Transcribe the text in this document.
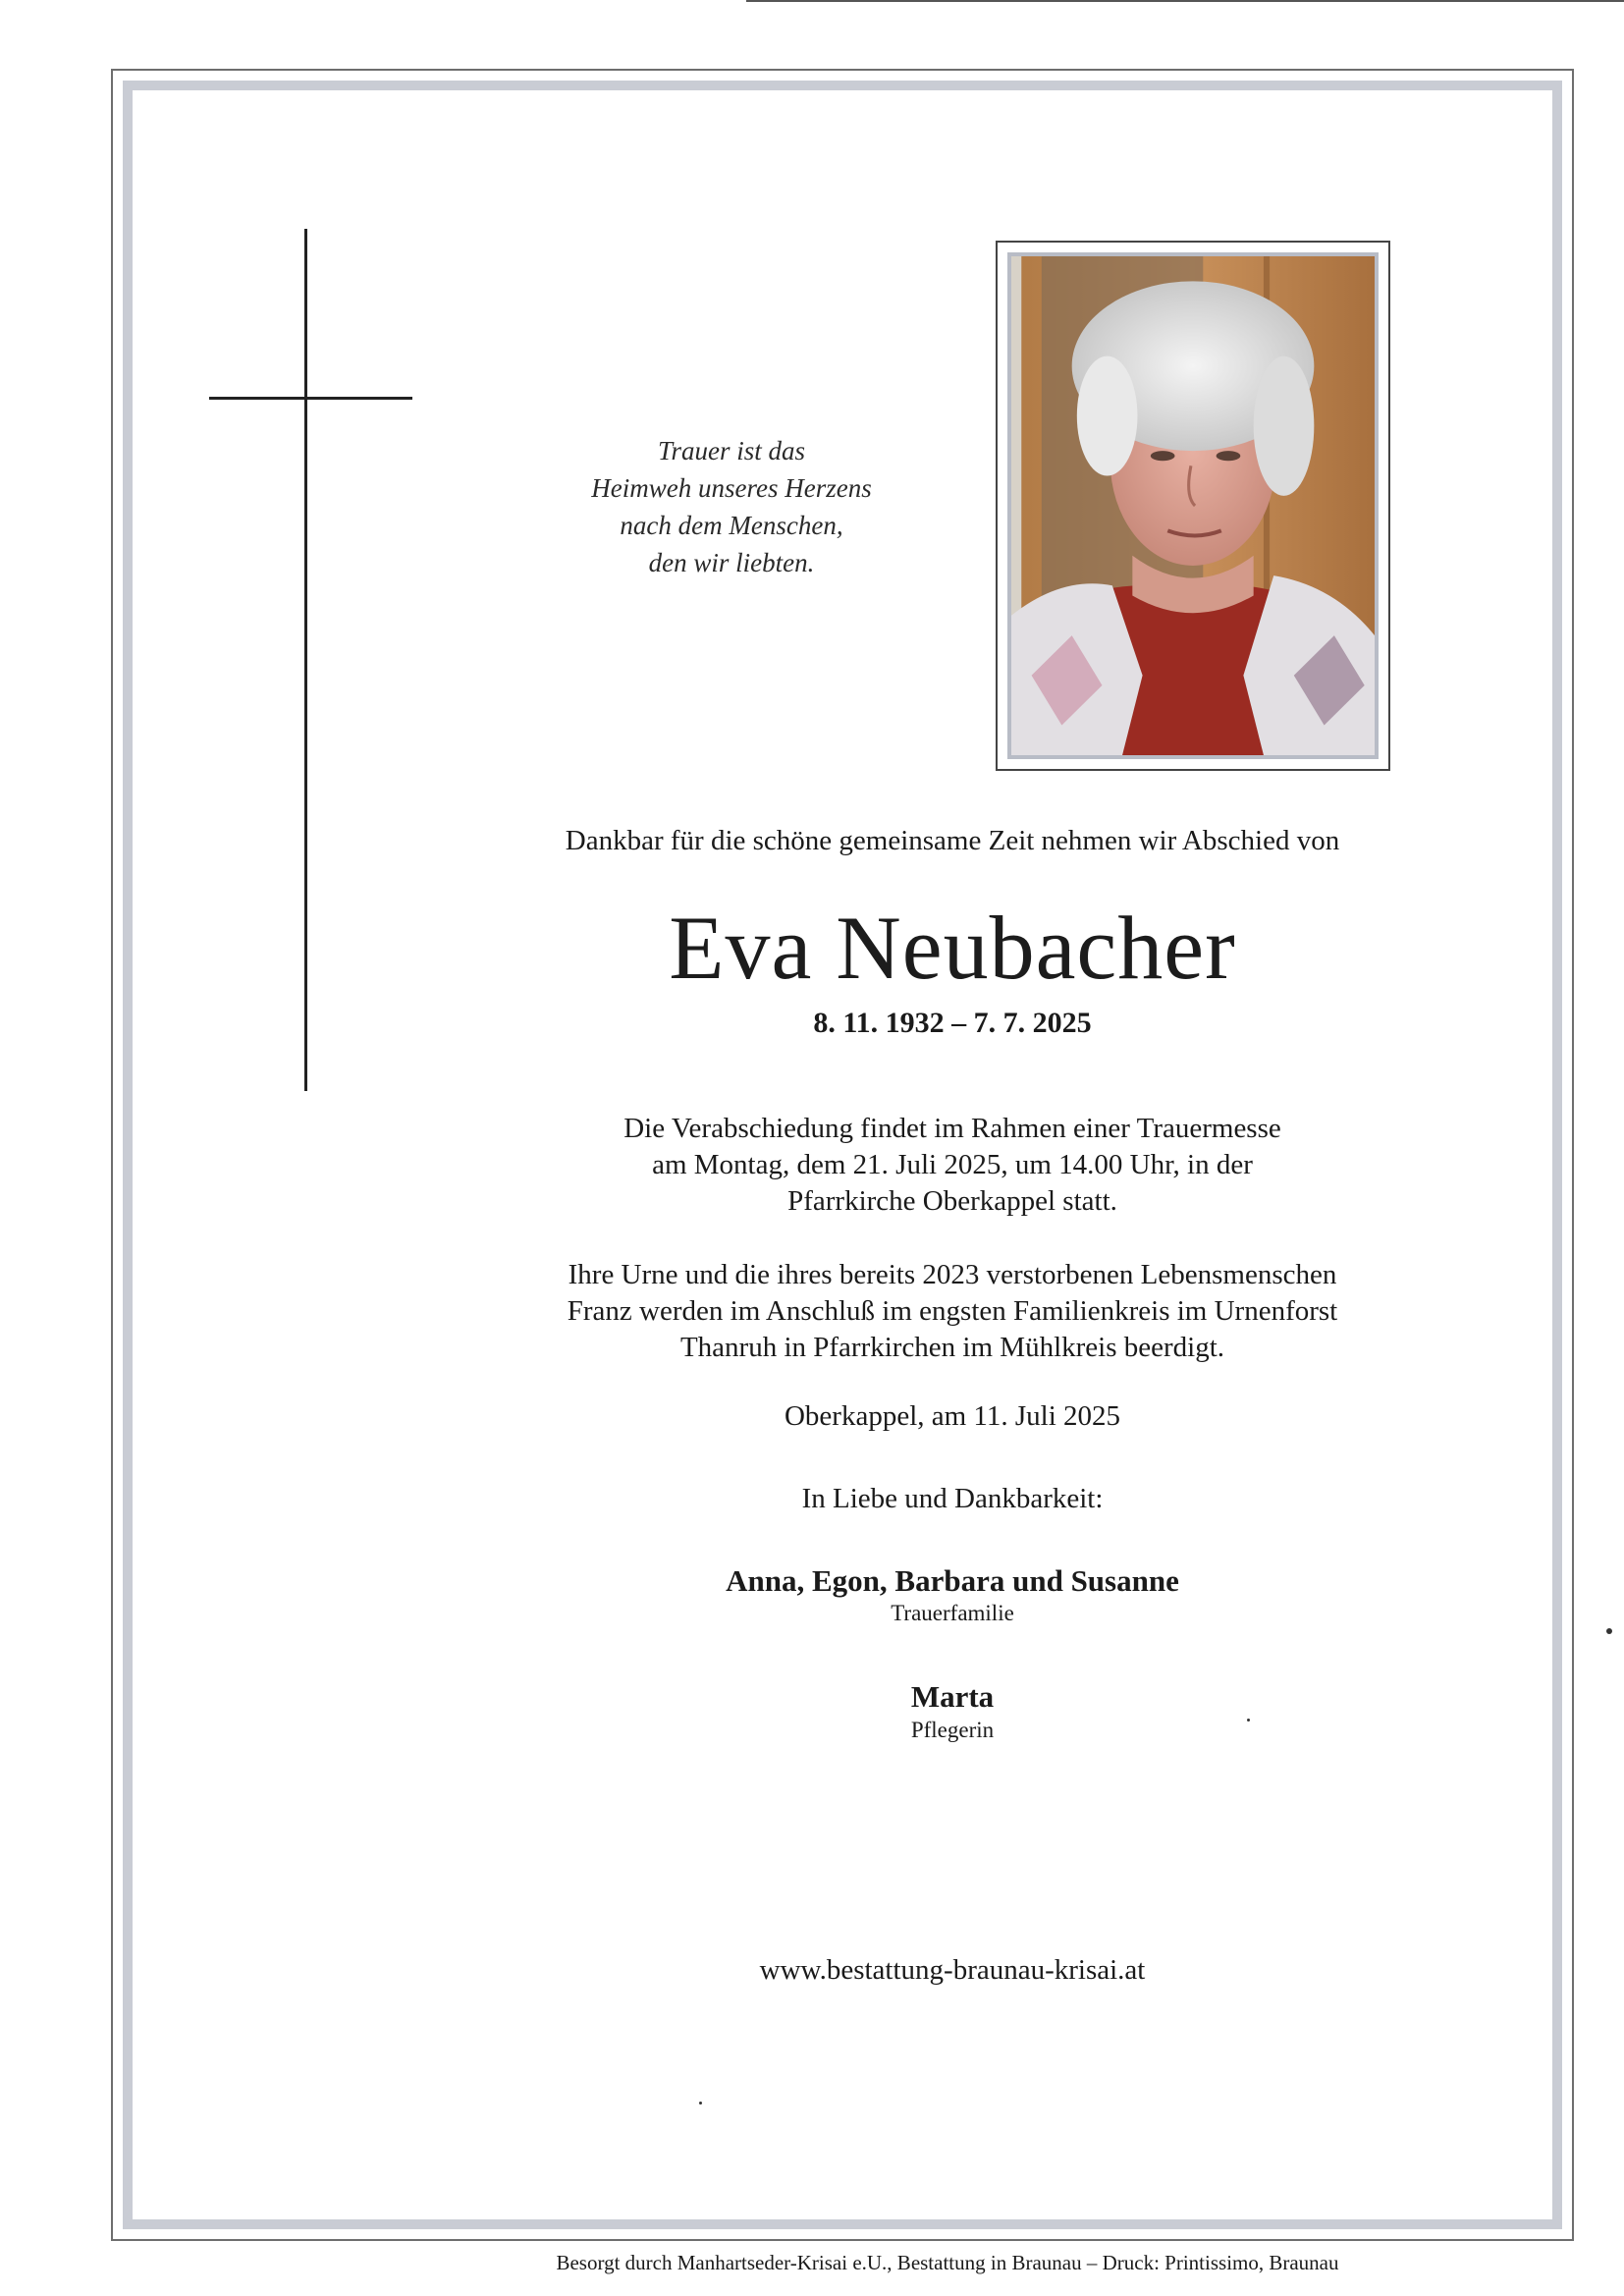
Trauer ist das
Heimweh unseres Herzens
nach dem Menschen,
den wir liebten.
Dankbar für die schöne gemeinsame Zeit nehmen wir Abschied von
Eva Neubacher
8. 11. 1932 – 7. 7. 2025
Die Verabschiedung findet im Rahmen einer Trauermesse
am Montag, dem 21. Juli 2025, um 14.00 Uhr, in der
Pfarrkirche Oberkappel statt.
Ihre Urne und die ihres bereits 2023 verstorbenen Lebensmenschen
Franz werden im Anschluß im engsten Familienkreis im Urnenforst
Thanruh in Pfarrkirchen im Mühlkreis beerdigt.
Oberkappel, am 11. Juli 2025
In Liebe und Dankbarkeit:
Anna, Egon, Barbara und Susanne
Trauerfamilie
Marta
Pflegerin
www.bestattung-braunau-krisai.at
Besorgt durch Manhartseder-Krisai e.U., Bestattung in Braunau – Druck: Printissimo, Braunau
